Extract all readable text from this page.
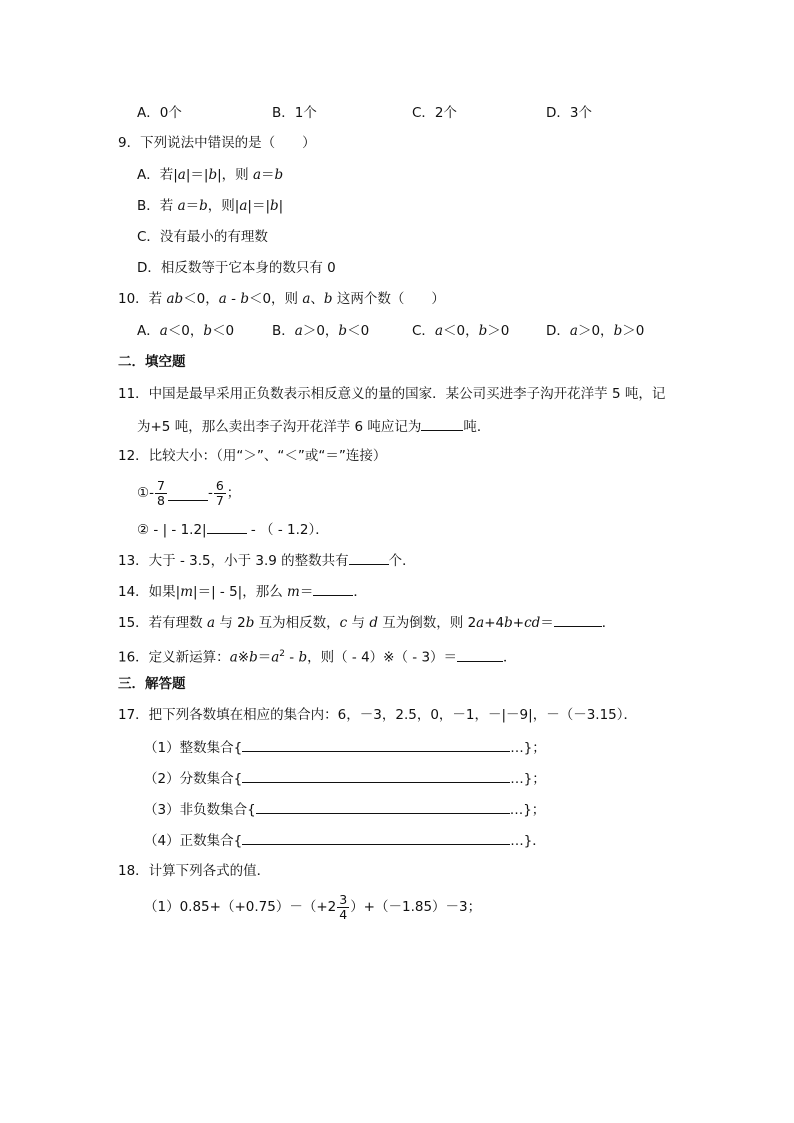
A．0个	B．1个	C．2个	D．3个
9．下列说法中错误的是（　　）
A．若|a|＝|b|，则 a＝b
B．若 a＝b，则|a|＝|b|
C．没有最小的有理数
D．相反数等于它本身的数只有 0
10．若 ab＜0，a - b＜0，则 a、b 这两个数（　　）
A．a＜0，b＜0	B．a＞0，b＜0	C．a＜0，b＞0	D．a＞0，b＞0
二．填空题
11．中国是最早采用正负数表示相反意义的量的国家．某公司买进李子沟开花洋芋 5 吨，记
为+5 吨，那么卖出李子沟开花洋芋 6 吨应记为	吨．
12．比较大小：（用“＞”、“＜”或“＝”连接）
①- $\frac{7}{8}$	- $\frac{6}{7}$ ；
② - | - 1.2|	- （ - 1.2）．
13．大于 - 3.5，小于 3.9 的整数共有	个．
14．如果|m|＝| - 5|，那么 m＝	．
15．若有理数 a 与 2b 互为相反数，c 与 d 互为倒数，则 2a+4b+cd＝	．
16．定义新运算：$a※b=a^2 - b$，则（ - 4）※（ - 3）＝	．
三．解答题
17．把下列各数填在相应的集合内：6，－3，2.5，0，－1，－|－9|，－（－3.15）．
（1）整数集合{	…}；
（2）分数集合{	…}；
（3）非负数集合{	…}；
（4）正数集合{	…}．
18．计算下列各式的值．
$(1)0.85+(+0.75)-(+2 \frac{3}{4} )+(-1.85)-3$；
